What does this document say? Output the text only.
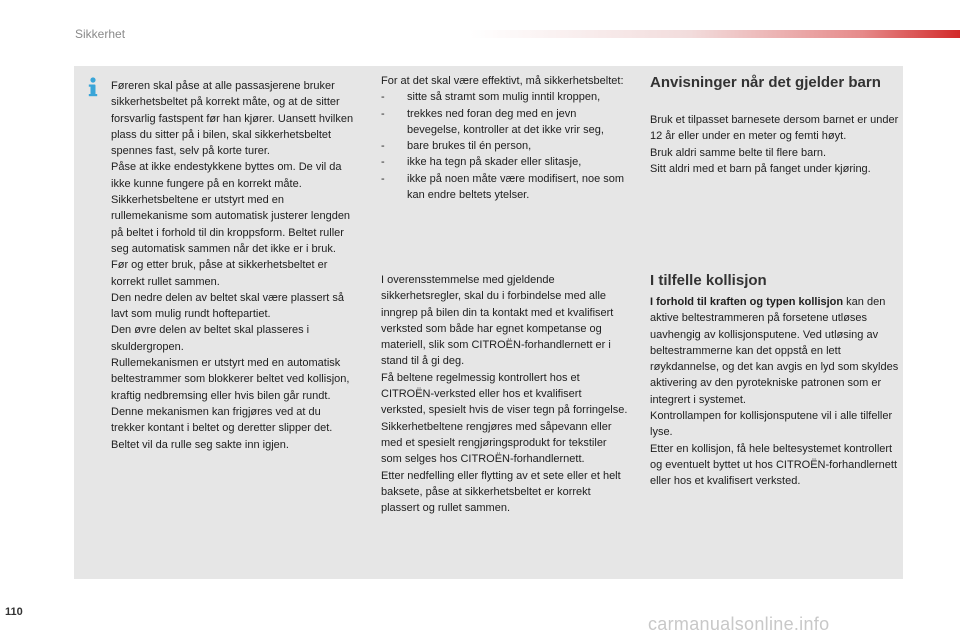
Sikkerhet

Føreren skal påse at alle passasjerene bruker sikkerhetsbeltet på korrekt måte, og at de sitter forsvarlig fastspent før han kjører. Uansett hvilken plass du sitter på i bilen, skal sikkerhetsbeltet spennes fast, selv på korte turer.

Påse at ikke endestykkene byttes om. De vil da ikke kunne fungere på en korrekt måte.

Sikkerhetsbeltene er utstyrt med en rullemekanisme som automatisk justerer lengden på beltet i forhold til din kroppsform. Beltet ruller seg automatisk sammen når det ikke er i bruk.

Før og etter bruk, påse at sikkerhetsbeltet er korrekt rullet sammen.

Den nedre delen av beltet skal være plassert så lavt som mulig rundt hoftepartiet.

Den øvre delen av beltet skal plasseres i skuldergropen.

Rullemekanismen er utstyrt med en automatisk beltestrammer som blokkerer beltet ved kollisjon, kraftig nedbremsing eller hvis bilen går rundt. Denne mekanismen kan frigjøres ved at du trekker kontant i beltet og deretter slipper det. Beltet vil da rulle seg sakte inn igjen.

For at det skal være effektivt, må sikkerhetsbeltet:

- sitte så stramt som mulig inntil kroppen,
- trekkes ned foran deg med en jevn bevegelse, kontroller at det ikke vrir seg,
- bare brukes til én person,
- ikke ha tegn på skader eller slitasje,
- ikke på noen måte være modifisert, noe som kan endre beltets ytelser.

I overensstemmelse med gjeldende sikkerhetsregler, skal du i forbindelse med alle inngrep på bilen din ta kontakt med et kvalifisert verksted som både har egnet kompetanse og materiell, slik som CITROËN-forhandlernett er i stand til å gi deg.

Få beltene regelmessig kontrollert hos et CITROËN-verksted eller hos et kvalifisert verksted, spesielt hvis de viser tegn på forringelse.

Sikkerhetbeltene rengjøres med såpevann eller med et spesielt rengjøringsprodukt for tekstiler som selges hos CITROËN-forhandlernett.

Etter nedfelling eller flytting av et sete eller et helt baksete, påse at sikkerhetsbeltet er korrekt plassert og rullet sammen.

Anvisninger når det gjelder barn

Bruk et tilpasset barnesete dersom barnet er under 12 år eller under en meter og femti høyt.

Bruk aldri samme belte til flere barn.

Sitt aldri med et barn på fanget under kjøring.

I tilfelle kollisjon

I forhold til kraften og typen kollisjon kan den aktive beltestrammeren på forsetene utløses uavhengig av kollisjonsputene. Ved utløsing av beltestrammerne kan det oppstå en lett røykdannelse, og det kan avgis en lyd som skyldes aktivering av den pyrotekniske patronen som er integrert i systemet.

Kontrollampen for kollisjonsputene vil i alle tilfeller lyse.

Etter en kollisjon, få hele beltesystemet kontrollert og eventuelt byttet ut hos CITROËN-forhandlernett eller hos et kvalifisert verksted.

110
carmanualsonline.info
